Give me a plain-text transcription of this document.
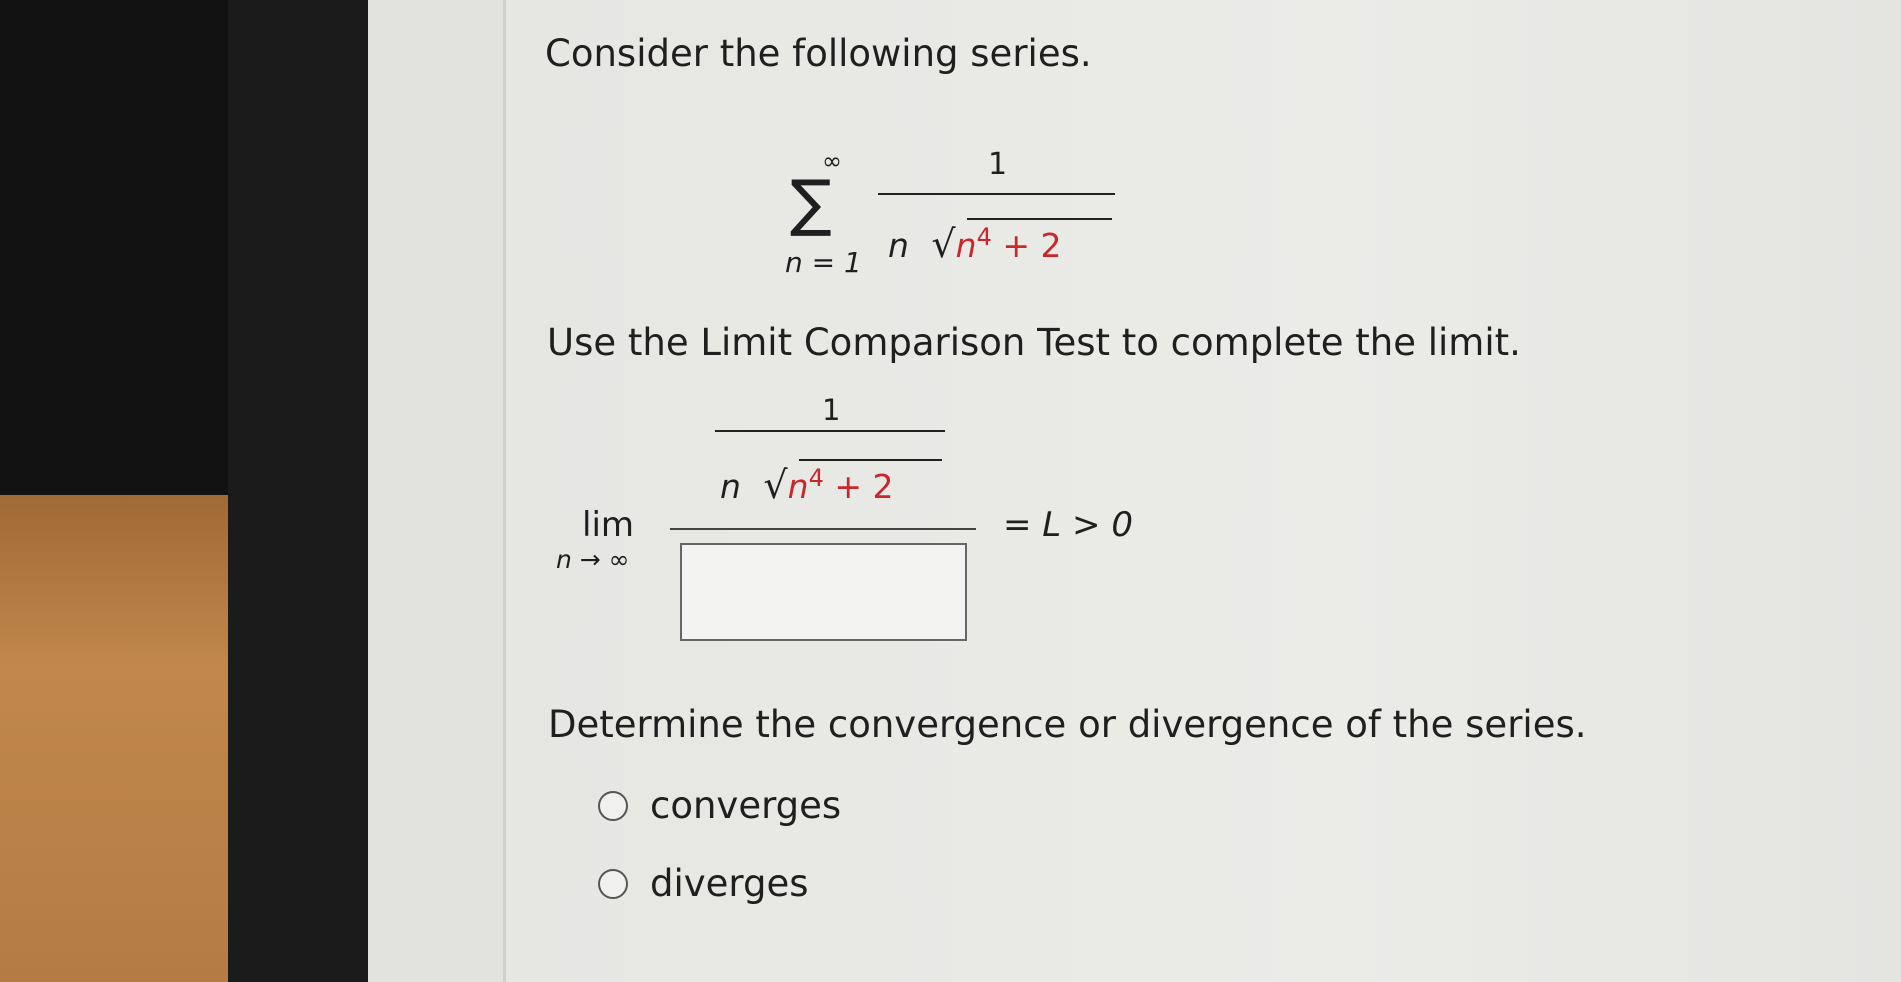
Consider the following series.
∑
∞
n = 1
1
n $√n^4 + 2$
Use the Limit Comparison Test to complete the limit.
lim
n → ∞
1
n $√n^4 + 2$
= L > 0
Determine the convergence or divergence of the series.
converges
diverges
